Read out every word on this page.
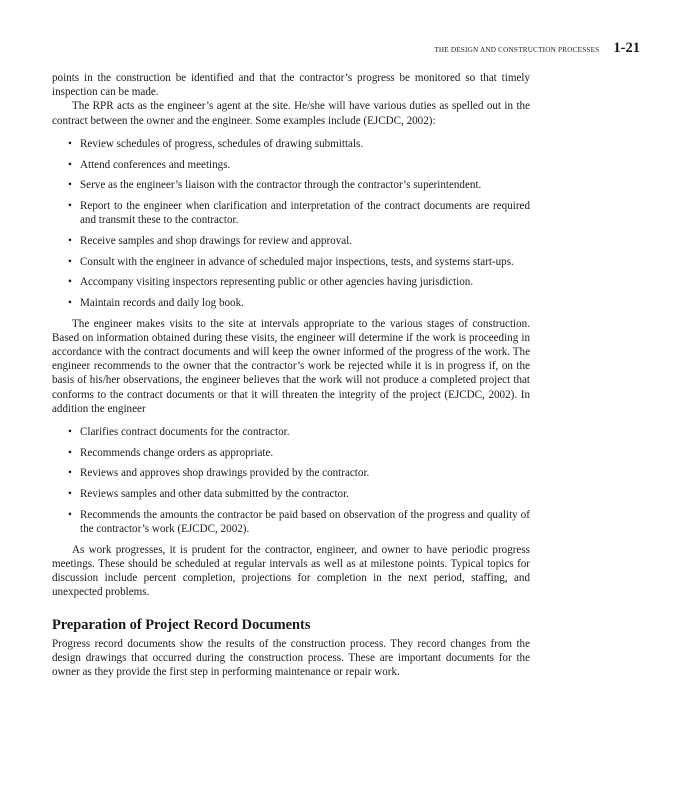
THE DESIGN AND CONSTRUCTION PROCESSES 1-21

points in the construction be identified and that the contractor’s progress be monitored so that timely inspection can be made.

The RPR acts as the engineer’s agent at the site. He/she will have various duties as spelled out in the contract between the owner and the engineer. Some examples include (EJCDC, 2002):

• Review schedules of progress, schedules of drawing submittals.
• Attend conferences and meetings.
• Serve as the engineer’s liaison with the contractor through the contractor’s superintendent.
• Report to the engineer when clarification and interpretation of the contract documents are required and transmit these to the contractor.
• Receive samples and shop drawings for review and approval.
• Consult with the engineer in advance of scheduled major inspections, tests, and systems start-ups.
• Accompany visiting inspectors representing public or other agencies having jurisdiction.
• Maintain records and daily log book.

The engineer makes visits to the site at intervals appropriate to the various stages of construction. Based on information obtained during these visits, the engineer will determine if the work is proceeding in accordance with the contract documents and will keep the owner informed of the progress of the work. The engineer recommends to the owner that the contractor’s work be rejected while it is in progress if, on the basis of his/her observations, the engineer believes that the work will not produce a completed project that conforms to the contract documents or that it will threaten the integrity of the project (EJCDC, 2002). In addition the engineer

• Clarifies contract documents for the contractor.
• Recommends change orders as appropriate.
• Reviews and approves shop drawings provided by the contractor.
• Reviews samples and other data submitted by the contractor.
• Recommends the amounts the contractor be paid based on observation of the progress and quality of the contractor’s work (EJCDC, 2002).

As work progresses, it is prudent for the contractor, engineer, and owner to have periodic progress meetings. These should be scheduled at regular intervals as well as at milestone points. Typical topics for discussion include percent completion, projections for completion in the next period, staffing, and unexpected problems.

Preparation of Project Record Documents

Progress record documents show the results of the construction process. They record changes from the design drawings that occurred during the construction process. These are important documents for the owner as they provide the first step in performing maintenance or repair work.
